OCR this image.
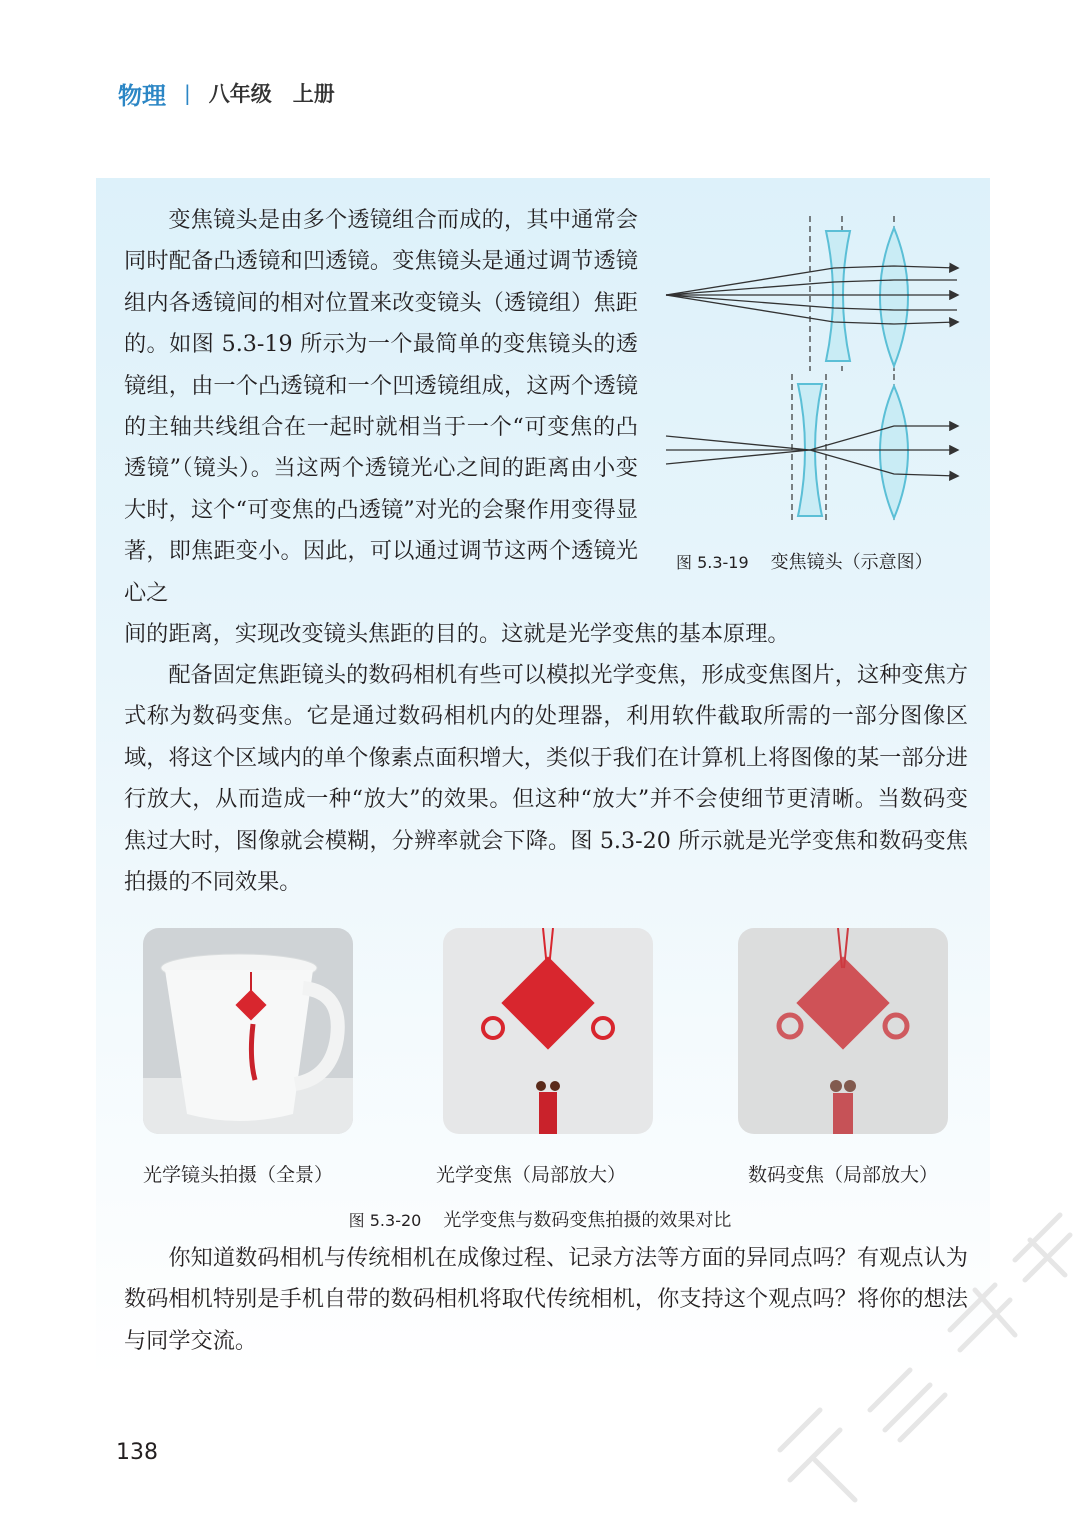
物理 | 八年级　上册

变焦镜头是由多个透镜组合而成的，其中通常会同时配备凸透镜和凹透镜。变焦镜头是通过调节透镜组内各透镜间的相对位置来改变镜头（透镜组）焦距的。如图 5.3-19 所示为一个最简单的变焦镜头的透镜组，由一个凸透镜和一个凹透镜组成，这两个透镜的主轴共线组合在一起时就相当于一个“可变焦的凸透镜”（镜头）。当这两个透镜光心之间的距离由小变大时，这个“可变焦的凸透镜”对光的会聚作用变得显著，即焦距变小。因此，可以通过调节这两个透镜光心之

间的距离，实现改变镜头焦距的目的。这就是光学变焦的基本原理。

图 5.3-19 变焦镜头（示意图）

配备固定焦距镜头的数码相机有些可以模拟光学变焦，形成变焦图片，这种变焦方式称为数码变焦。它是通过数码相机内的处理器，利用软件截取所需的一部分图像区域，将这个区域内的单个像素点面积增大，类似于我们在计算机上将图像的某一部分进行放大，从而造成一种“放大”的效果。但这种“放大”并不会使细节更清晰。当数码变焦过大时，图像就会模糊，分辨率就会下降。图 5.3-20 所示就是光学变焦和数码变焦拍摄的不同效果。

光学镜头拍摄（全景）	光学变焦（局部放大）	数码变焦（局部放大）

图 5.3-20 光学变焦与数码变焦拍摄的效果对比

你知道数码相机与传统相机在成像过程、记录方法等方面的异同点吗？有观点认为数码相机特别是手机自带的数码相机将取代传统相机，你支持这个观点吗？将你的想法与同学交流。

138
